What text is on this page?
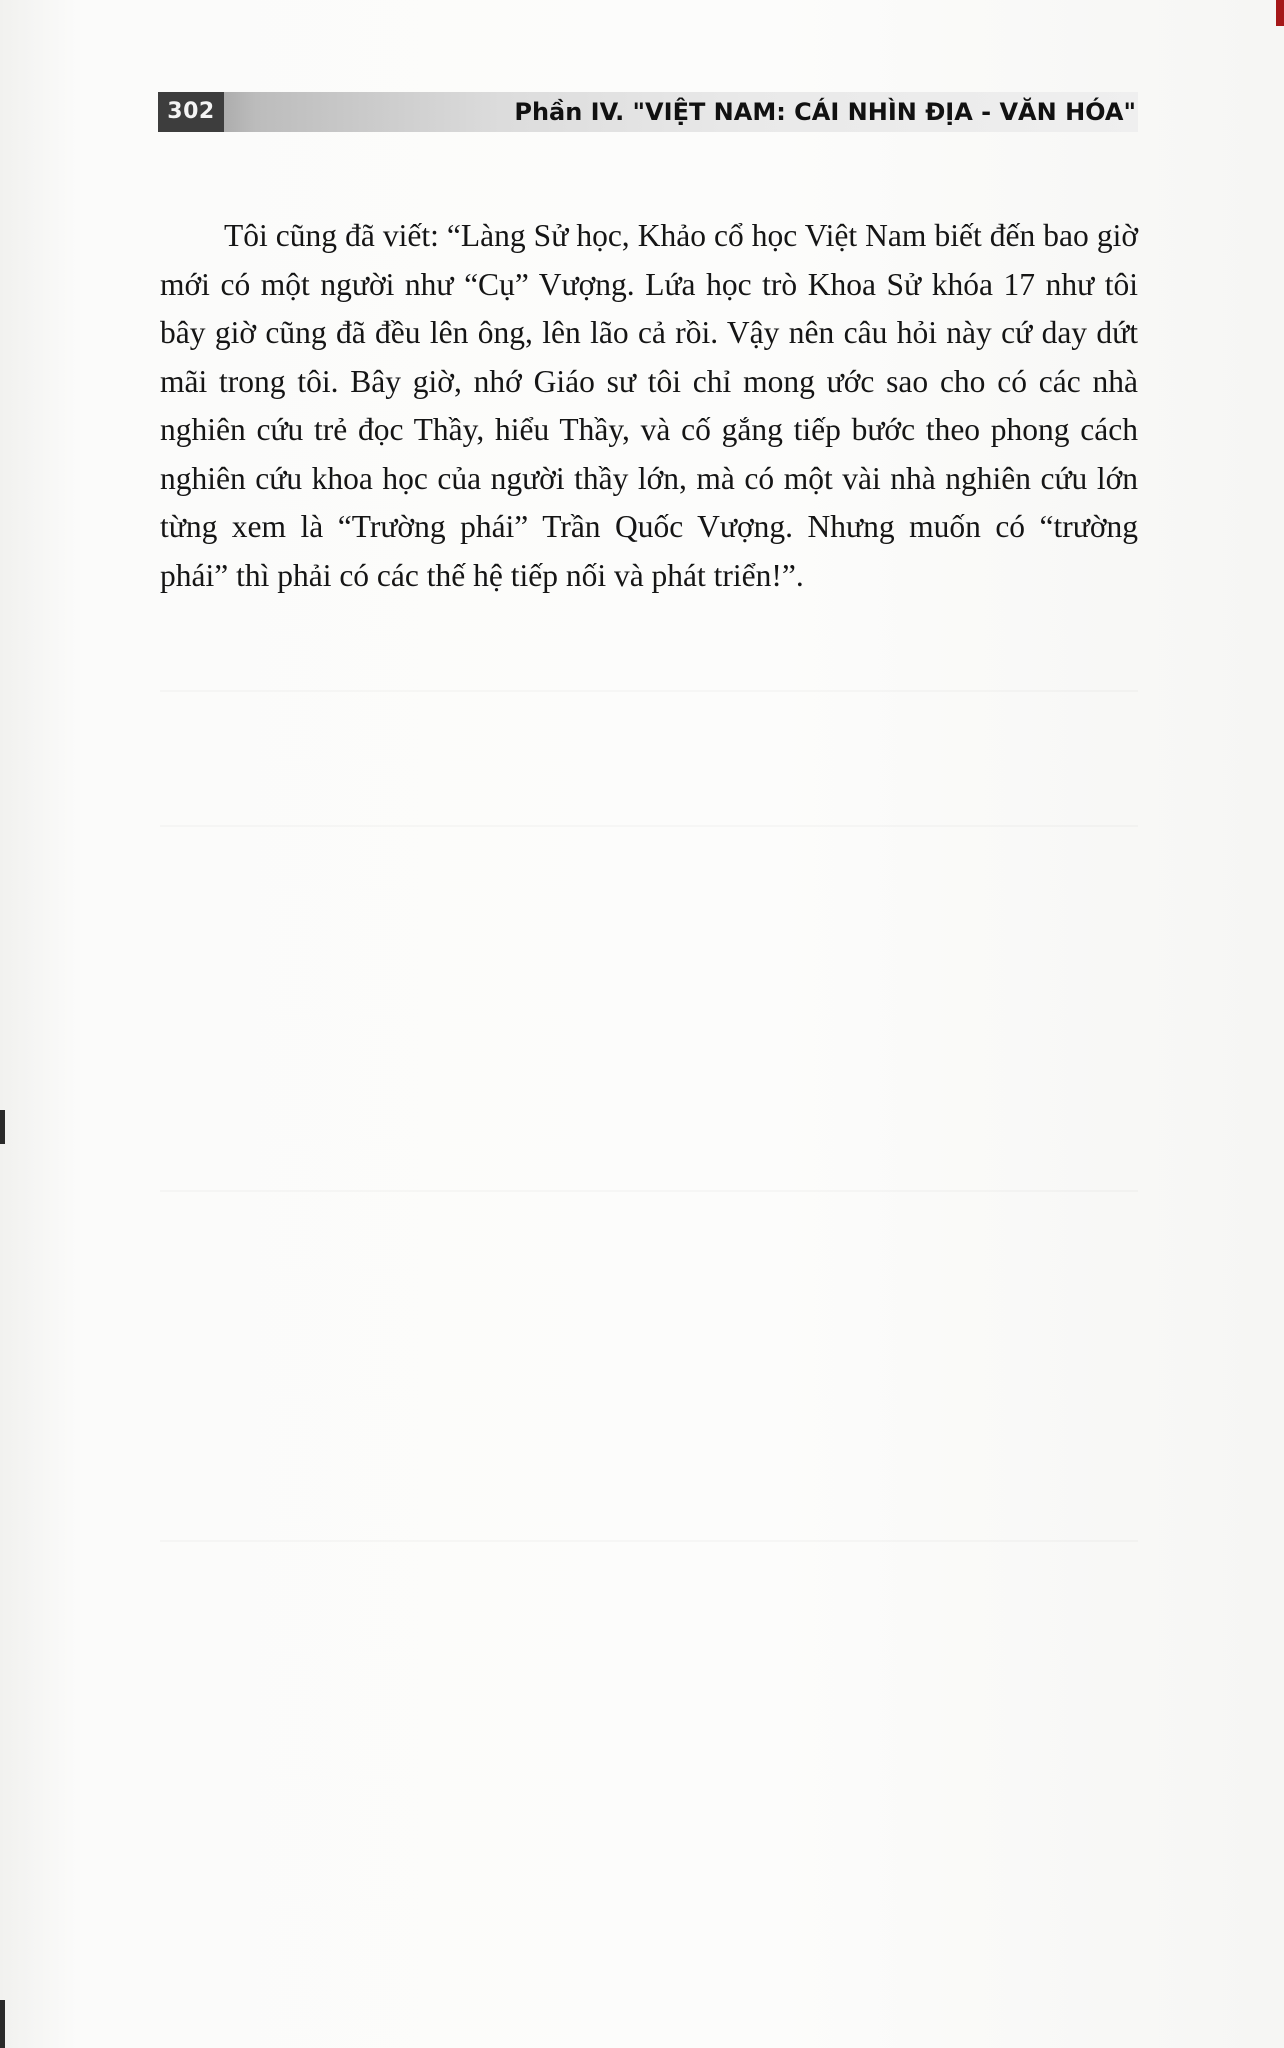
302	Phần IV. "VIỆT NAM: CÁI NHÌN ĐỊA - VĂN HÓA"

Tôi cũng đã viết: “Làng Sử học, Khảo cổ học Việt Nam biết đến bao giờ mới có một người như “Cụ” Vượng. Lứa học trò Khoa Sử khóa 17 như tôi bây giờ cũng đã đều lên ông, lên lão cả rồi. Vậy nên câu hỏi này cứ day dứt mãi trong tôi. Bây giờ, nhớ Giáo sư tôi chỉ mong ước sao cho có các nhà nghiên cứu trẻ đọc Thầy, hiểu Thầy, và cố gắng tiếp bước theo phong cách nghiên cứu khoa học của người thầy lớn, mà có một vài nhà nghiên cứu lớn từng xem là “Trường phái” Trần Quốc Vượng. Nhưng muốn có “trường phái” thì phải có các thế hệ tiếp nối và phát triển!”.
